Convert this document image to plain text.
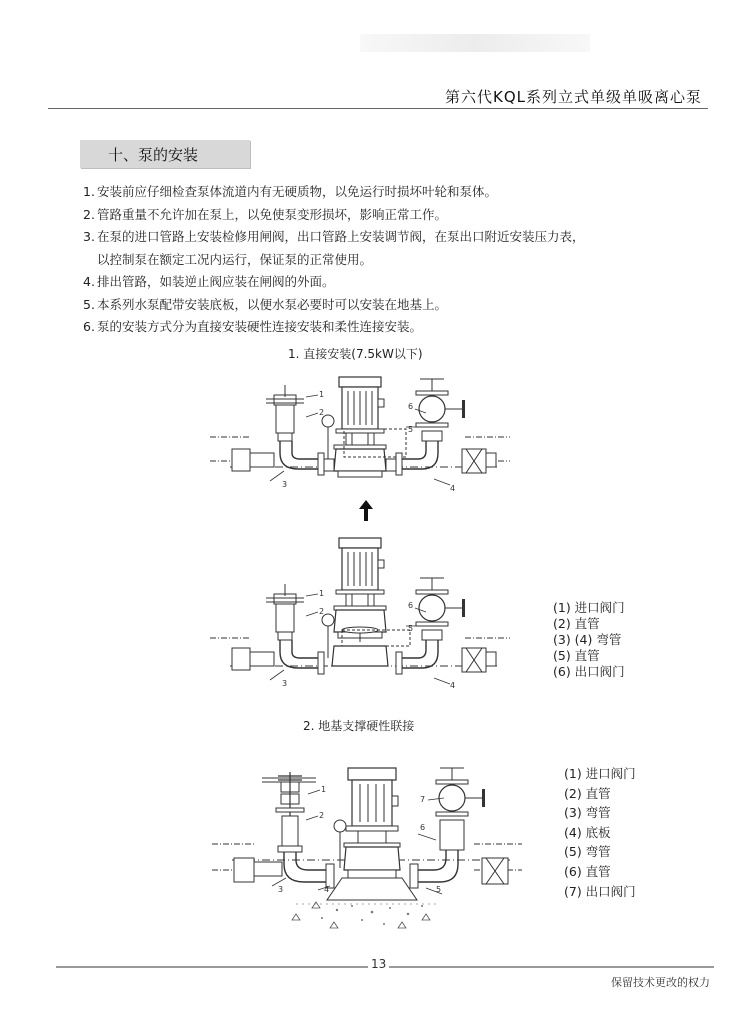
第六代KQL系列立式单级单吸离心泵
十、泵的安装
1. 安装前应仔细检查泵体流道内有无硬质物，以免运行时损坏叶轮和泵体。
2. 管路重量不允许加在泵上，以免使泵变形损坏，影响正常工作。
3. 在泵的进口管路上安装检修用闸阀，出口管路上安装调节阀，在泵出口附近安装压力表，
以控制泵在额定工况内运行，保证泵的正常使用。
4. 排出管路，如装逆止阀应装在闸阀的外面。
5. 本系列水泵配带安装底板，以便水泵必要时可以安装在地基上。
6. 泵的安装方式分为直接安装硬性连接安装和柔性连接安装。
1. 直接安装(7.5kW以下)
1
2
3	4
5
6
1
2
3	4
5
6	(1) 进口阀门
(2) 直管
(3) (4) 弯管
(5) 直管
(6) 出口阀门
2. 地基支撑硬性联接
1
2
3	4	5
6
7
(1) 进口阀门
(2) 直管
(3) 弯管
(4) 底板
(5) 弯管
(6) 直管
(7) 出口阀门
13
保留技术更改的权力
